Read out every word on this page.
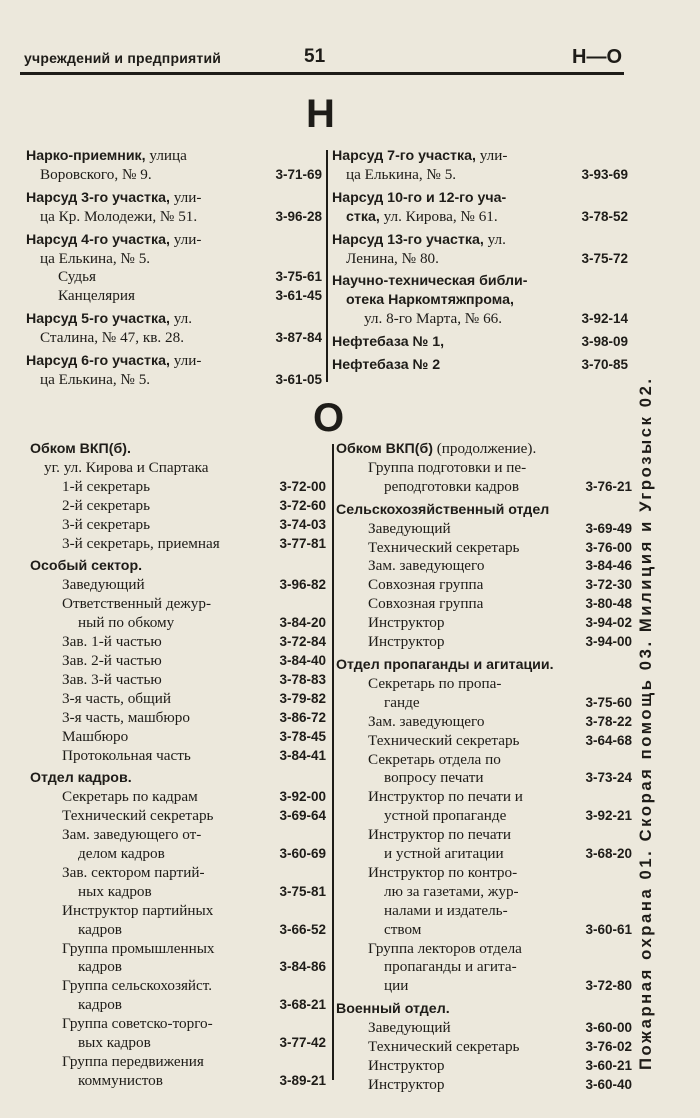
учреждений и предприятий	51	Н—О
Н
Нарко-приемник, улица
Воровского, № 9.	3-71-69
Нарсуд 3-го участка, ули-
ца Кр. Молодежи, № 51.	3-96-28
Нарсуд 4-го участка, ули-
ца Елькина, № 5.
Судья	3-75-61
Канцелярия	3-61-45
Нарсуд 5-го участка, ул.
Сталина, № 47, кв. 28.	3-87-84
Нарсуд 6-го участка, ули-
ца Елькина, № 5.	3-61-05
Нарсуд 7-го участка, ули-
ца Елькина, № 5.	3-93-69
Нарсуд 10-го и 12-го уча-
стка, ул. Кирова, № 61.	3-78-52
Нарсуд 13-го участка, ул.
Ленина, № 80.	3-75-72
Научно-техническая библи-
отека Наркомтяжпрома,
ул. 8-го Марта, № 66.	3-92-14
Нефтебаза № 1,	3-98-09
Нефтебаза № 2	3-70-85
О
Обком ВКП(б).
уг. ул. Кирова и Спартака
1-й секретарь	3-72-00
2-й секретарь	3-72-60
3-й секретарь	3-74-03
3-й секретарь, приемная	3-77-81
Особый сектор.
Заведующий	3-96-82
Ответственный дежур-
ный по обкому	3-84-20
Зав. 1-й частью	3-72-84
Зав. 2-й частью	3-84-40
Зав. 3-й частью	3-78-83
3-я часть, общий	3-79-82
3-я часть, машбюро	3-86-72
Машбюро	3-78-45
Протокольная часть	3-84-41
Отдел кадров.
Секретарь по кадрам	3-92-00
Технический секретарь	3-69-64
Зам. заведующего от-
делом кадров	3-60-69
Зав. сектором партий-
ных кадров	3-75-81
Инструктор партийных
кадров	3-66-52
Группа промышленных
кадров	3-84-86
Группа сельскохозяйст.
кадров	3-68-21
Группа советско-торго-
вых кадров	3-77-42
Группа передвижения
коммунистов	3-89-21
Обком ВКП(б) (продолжение).
Группа подготовки и пе-
реподготовки кадров	3-76-21
Сельскохозяйственный отдел
Заведующий	3-69-49
Технический секретарь	3-76-00
Зам. заведующего	3-84-46
Совхозная группа	3-72-30
Совхозная группа	3-80-48
Инструктор	3-94-02
Инструктор	3-94-00
Отдел пропаганды и агитации.
Секретарь по пропа-
ганде	3-75-60
Зам. заведующего	3-78-22
Технический секретарь	3-64-68
Секретарь отдела по
вопросу печати	3-73-24
Инструктор по печати и
устной пропаганде	3-92-21
Инструктор по печати
и устной агитации	3-68-20
Инструктор по контро-
лю за газетами, жур-
налами и издатель-
ством	3-60-61
Группа лекторов отдела
пропаганды и агита-
ции	3-72-80
Военный отдел.
Заведующий	3-60-00
Технический секретарь	3-76-02
Инструктор	3-60-21
Инструктор	3-60-40
Пожарная охрана 01. Скорая помощь 03. Милиция и Угрозыск 02.
